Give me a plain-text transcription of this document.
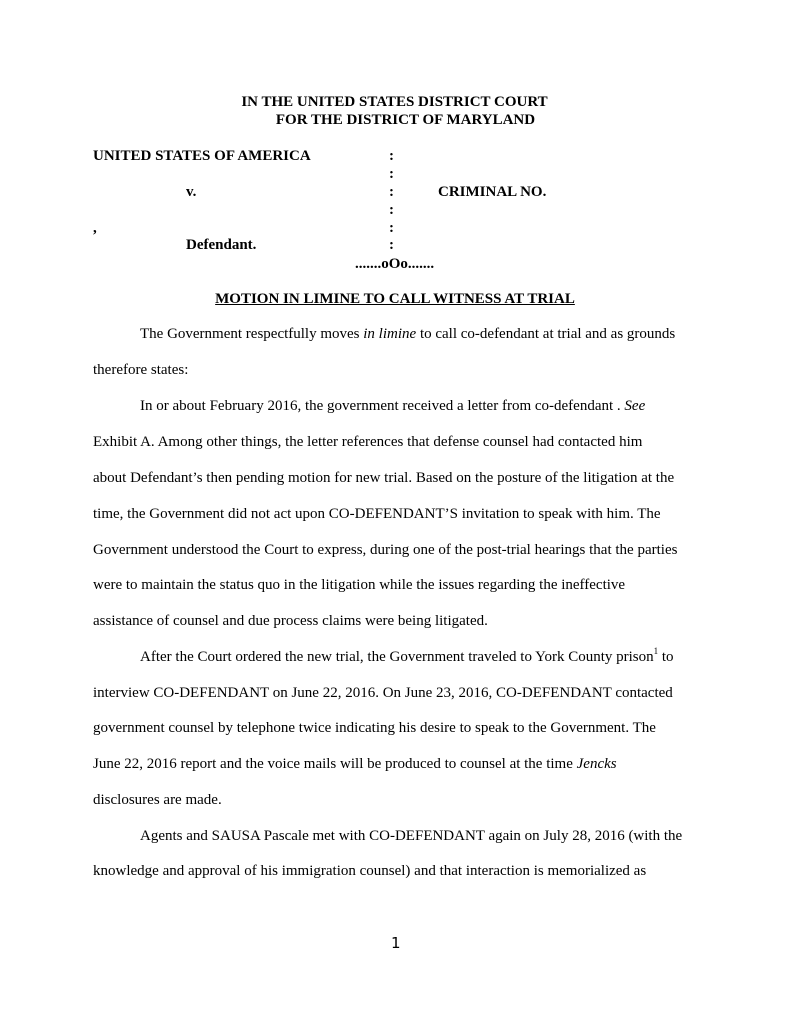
IN THE UNITED STATES DISTRICT COURT
FOR THE DISTRICT OF MARYLAND
UNITED STATES OF AMERICA
v.
,
Defendant.
:
:
:
:
:
:
CRIMINAL NO.
.......oOo.......
MOTION IN LIMINE TO CALL WITNESS AT TRIAL
The Government respectfully moves in limine to call co-defendant at trial and as grounds
therefore states:
In or about February 2016, the government received a letter from co-defendant . See
Exhibit A. Among other things, the letter references that defense counsel had contacted him
about Defendant’s then pending motion for new trial. Based on the posture of the litigation at the
time, the Government did not act upon CO-DEFENDANT’S invitation to speak with him. The
Government understood the Court to express, during one of the post-trial hearings that the parties
were to maintain the status quo in the litigation while the issues regarding the ineffective
assistance of counsel and due process claims were being litigated.
After the Court ordered the new trial, the Government traveled to York County prison$^1$ to
interview CO-DEFENDANT on June 22, 2016. On June 23, 2016, CO-DEFENDANT contacted
government counsel by telephone twice indicating his desire to speak to the Government. The
June 22, 2016 report and the voice mails will be produced to counsel at the time Jencks
disclosures are made.
Agents and SAUSA Pascale met with CO-DEFENDANT again on July 28, 2016 (with the
knowledge and approval of his immigration counsel) and that interaction is memorialized as
1
